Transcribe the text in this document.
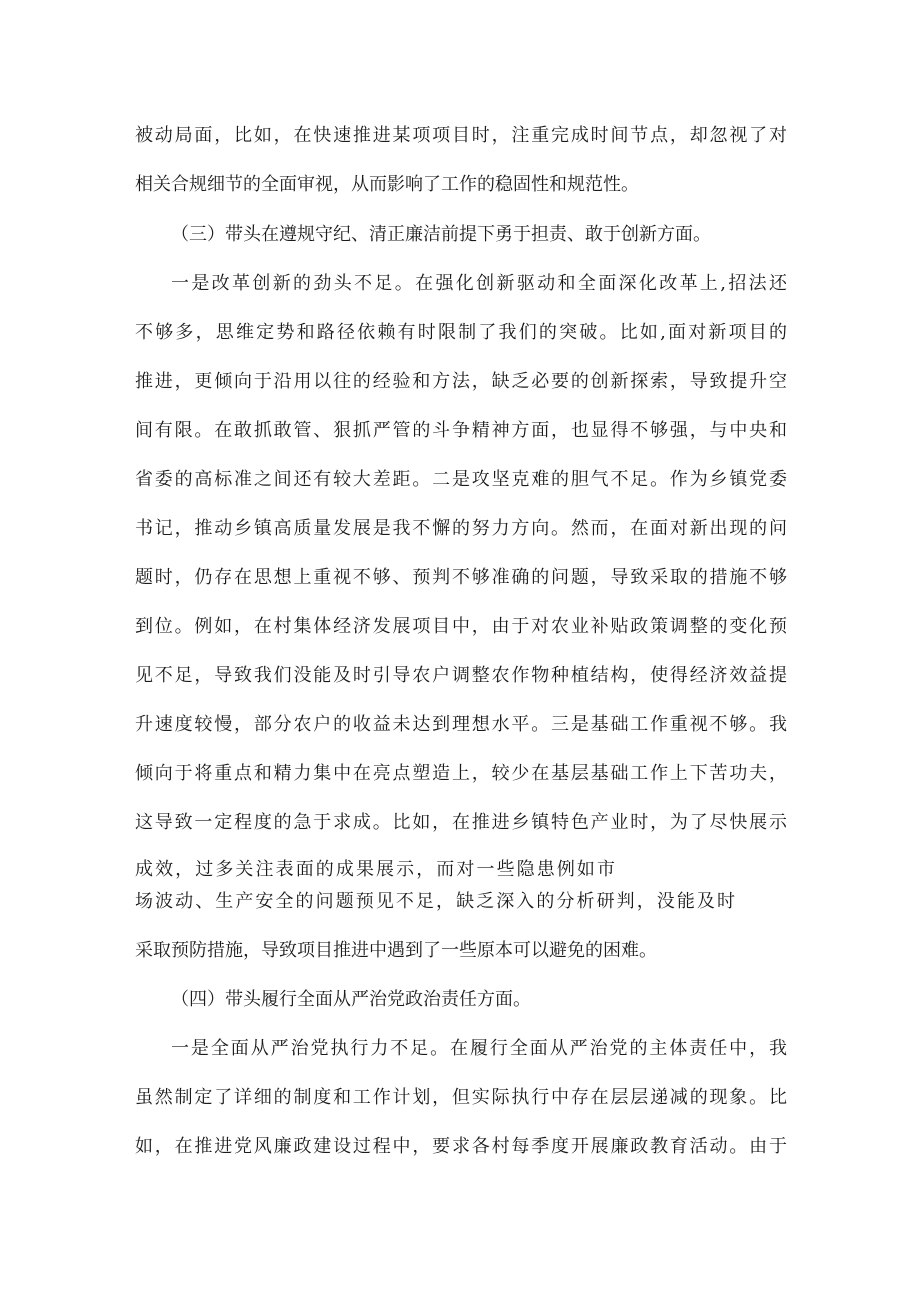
被动局面，比如，在快速推进某项项目时，注重完成时间节点，却忽视了对

相关合规细节的全面审视，从而影响了工作的稳固性和规范性。

（三）带头在遵规守纪、清正廉洁前提下勇于担责、敢于创新方面。

一是改革创新的劲头不足。在强化创新驱动和全面深化改革上,招法还

不够多，思维定势和路径依赖有时限制了我们的突破。比如,面对新项目的

推进，更倾向于沿用以往的经验和方法，缺乏必要的创新探索，导致提升空

间有限。在敢抓敢管、狠抓严管的斗争精神方面，也显得不够强，与中央和

省委的高标准之间还有较大差距。二是攻坚克难的胆气不足。作为乡镇党委

书记，推动乡镇高质量发展是我不懈的努力方向。然而，在面对新出现的问

题时，仍存在思想上重视不够、预判不够准确的问题，导致采取的措施不够

到位。例如，在村集体经济发展项目中，由于对农业补贴政策调整的变化预

见不足，导致我们没能及时引导农户调整农作物种植结构，使得经济效益提

升速度较慢，部分农户的收益未达到理想水平。三是基础工作重视不够。我

倾向于将重点和精力集中在亮点塑造上，较少在基层基础工作上下苦功夫，

这导致一定程度的急于求成。比如，在推进乡镇特色产业时，为了尽快展示

成效，过多关注表面的成果展示，而对一些隐患例如市

场波动、生产安全的问题预见不足，缺乏深入的分析研判，没能及时

采取预防措施，导致项目推进中遇到了一些原本可以避免的困难。

（四）带头履行全面从严治党政治责任方面。

一是全面从严治党执行力不足。在履行全面从严治党的主体责任中，我

虽然制定了详细的制度和工作计划，但实际执行中存在层层递减的现象。比

如，在推进党风廉政建设过程中，要求各村每季度开展廉政教育活动。由于
